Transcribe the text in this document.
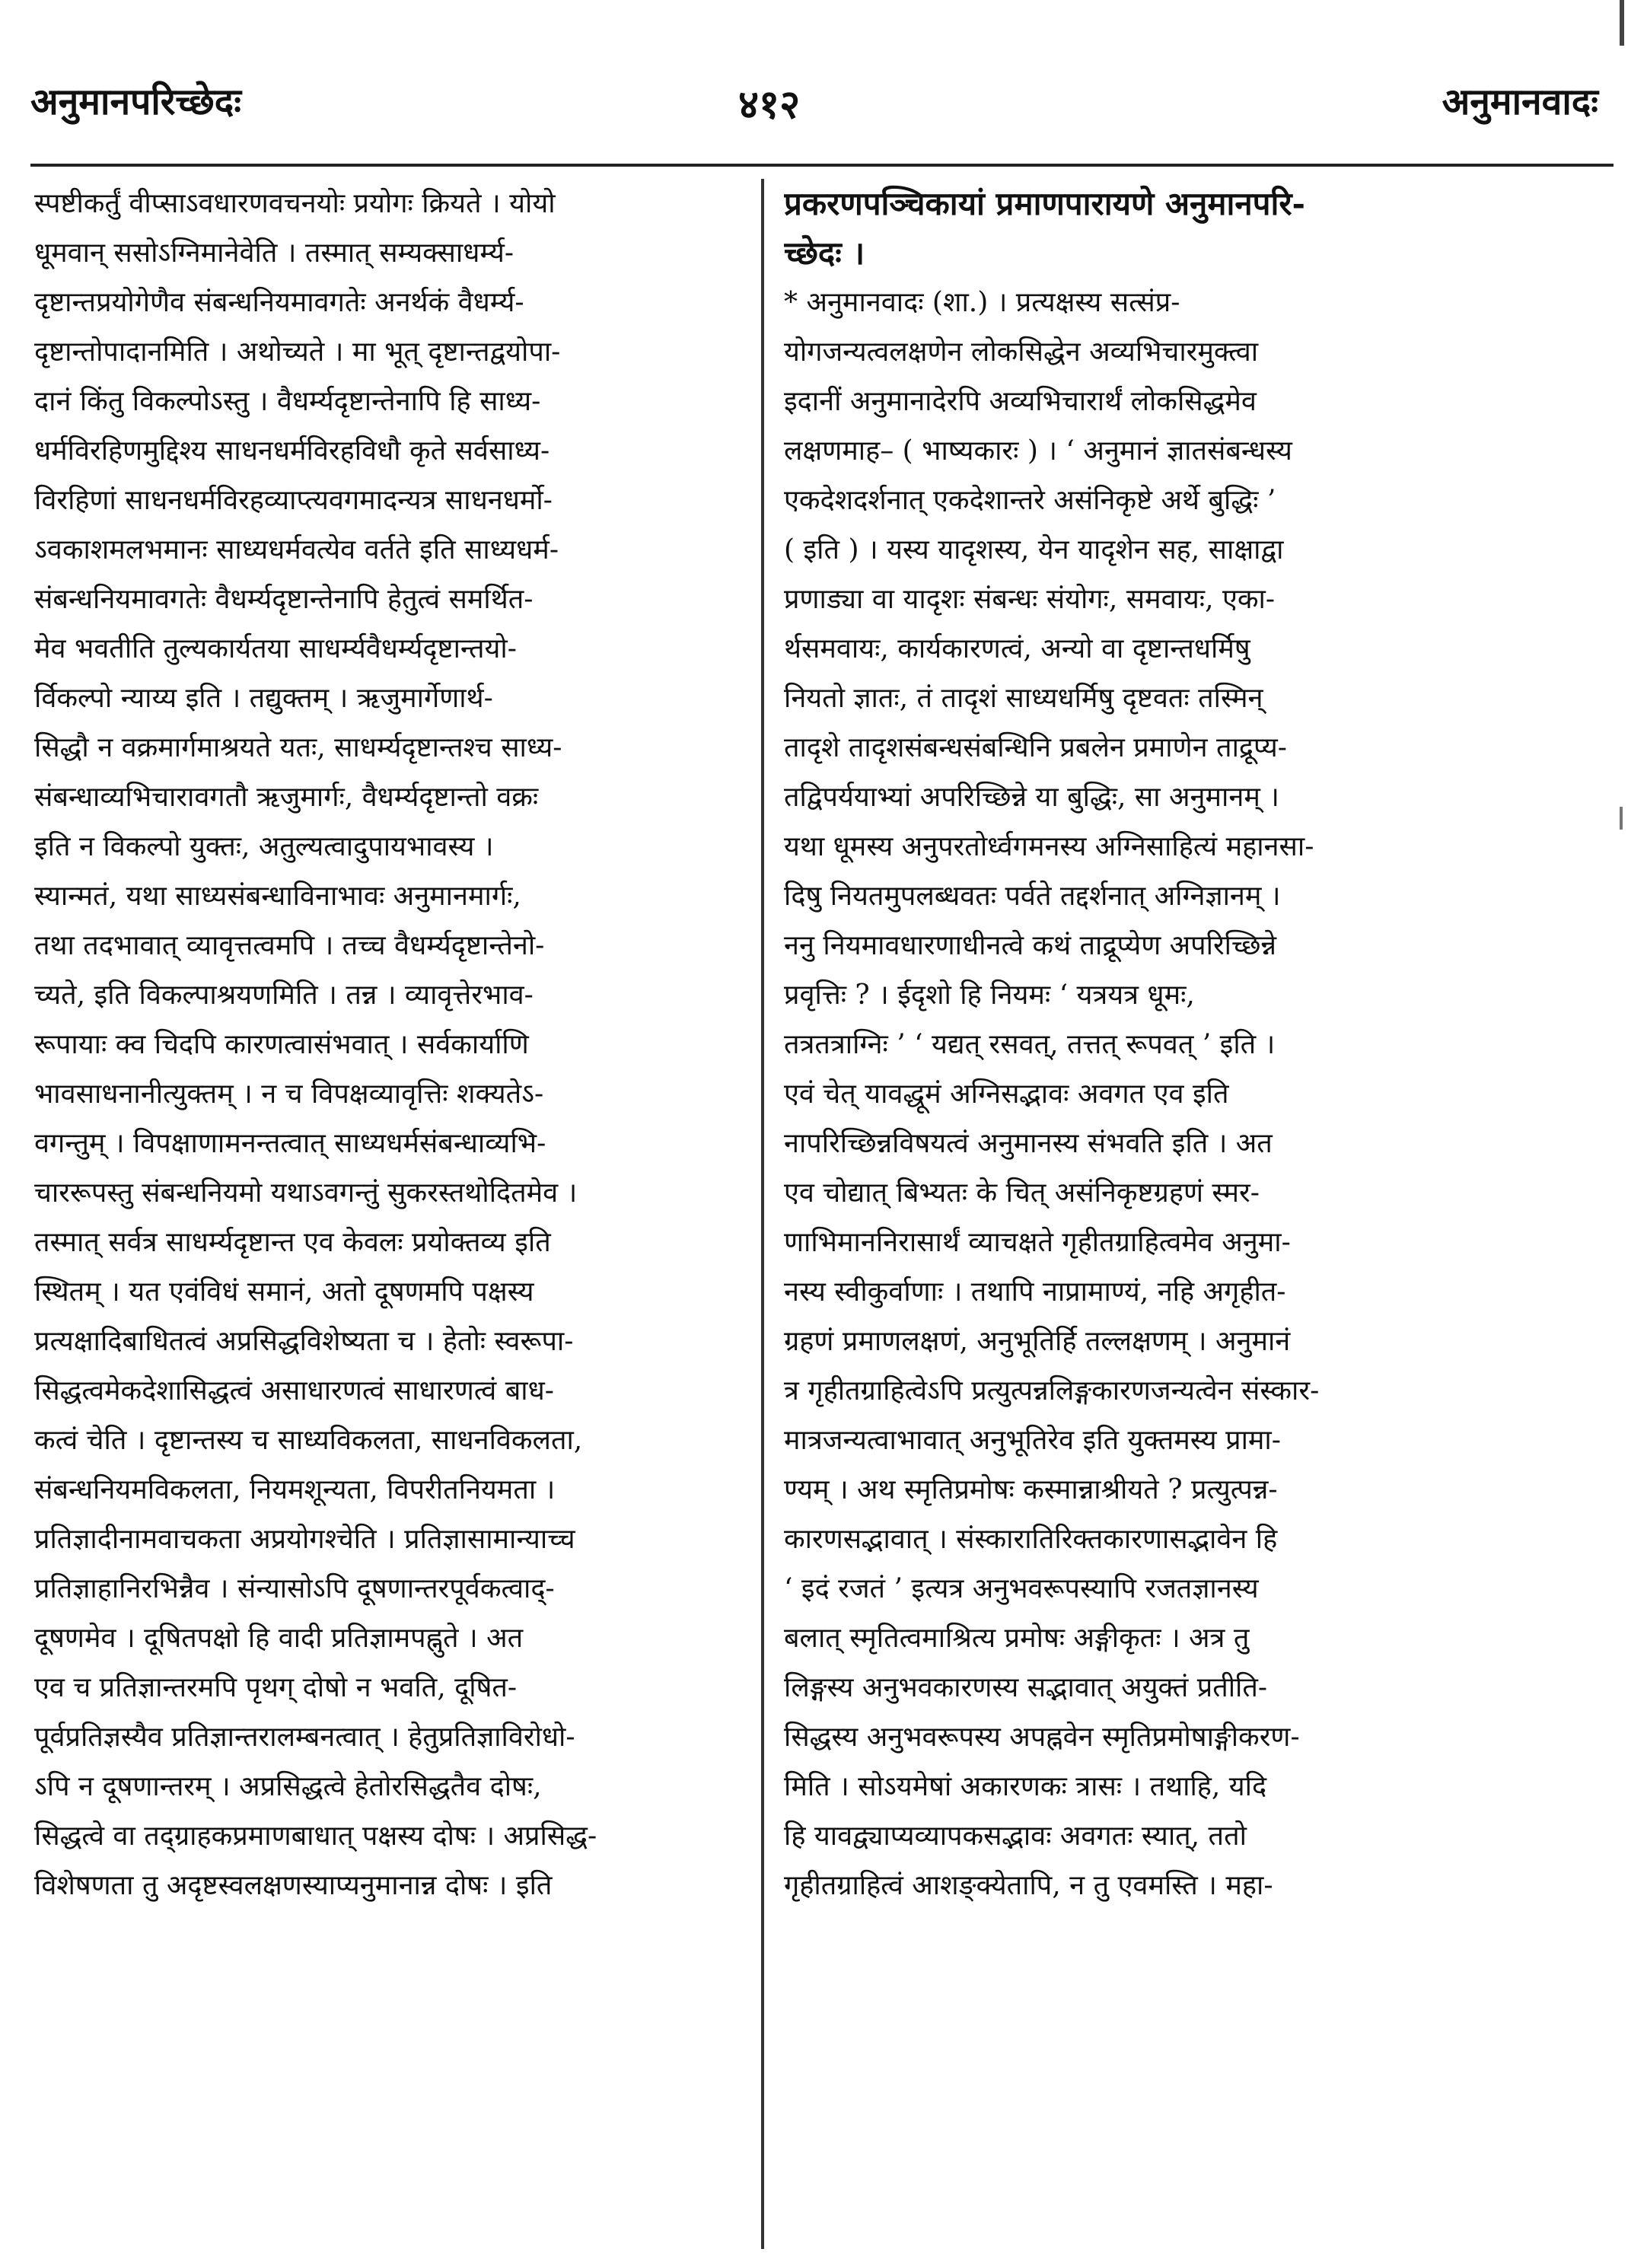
अनुमानपरिच्छेदः	४१२	अनुमानवादः
स्पष्टीकर्तुं वीप्साऽवधारणवचनयोः प्रयोगः क्रियते । योयो
धूमवान् ससोऽग्निमानेवेति । तस्मात् सम्यक्साधर्म्य-
दृष्टान्तप्रयोगेणैव संबन्धनियमावगतेः अनर्थकं वैधर्म्य-
दृष्टान्तोपादानमिति । अथोच्यते । मा भूत् दृष्टान्तद्वयोपा-
दानं किंतु विकल्पोऽस्तु । वैधर्म्यदृष्टान्तेनापि हि साध्य-
धर्मविरहिणमुद्दिश्य साधनधर्मविरहविधौ कृते सर्वसाध्य-
विरहिणां साधनधर्मविरहव्याप्त्यवगमादन्यत्र साधनधर्मो-
ऽवकाशमलभमानः साध्यधर्मवत्येव वर्तते इति साध्यधर्म-
संबन्धनियमावगतेः वैधर्म्यदृष्टान्तेनापि हेतुत्वं समर्थित-
मेव भवतीति तुल्यकार्यतया साधर्म्यवैधर्म्यदृष्टान्तयो-
र्विकल्पो न्याय्य इति । तद्युक्तम् । ऋजुमार्गेणार्थ-
सिद्धौ न वक्रमार्गमाश्रयते यतः, साधर्म्यदृष्टान्तश्च साध्य-
संबन्धाव्यभिचारावगतौ ऋजुमार्गः, वैधर्म्यदृष्टान्तो वक्रः
इति न विकल्पो युक्तः, अतुल्यत्वादुपायभावस्य ।
स्यान्मतं, यथा साध्यसंबन्धाविनाभावः अनुमानमार्गः,
तथा तदभावात् व्यावृत्तत्वमपि । तच्च वैधर्म्यदृष्टान्तेनो-
च्यते, इति विकल्पाश्रयणमिति । तन्न । व्यावृत्तेरभाव-
रूपायाः क्व चिदपि कारणत्वासंभवात् । सर्वकार्याणि
भावसाधनानीत्युक्तम् । न च विपक्षव्यावृत्तिः शक्यतेऽ-
वगन्तुम् । विपक्षाणामनन्तत्वात् साध्यधर्मसंबन्धाव्यभि-
चाररूपस्तु संबन्धनियमो यथाऽवगन्तुं सुकरस्तथोदितमेव ।
तस्मात् सर्वत्र साधर्म्यदृष्टान्त एव केवलः प्रयोक्तव्य इति
स्थितम् । यत एवंविधं समानं, अतो दूषणमपि पक्षस्य
प्रत्यक्षादिबाधितत्वं अप्रसिद्धविशेष्यता च । हेतोः स्वरूपा-
सिद्धत्वमेकदेशासिद्धत्वं असाधारणत्वं साधारणत्वं बाध-
कत्वं चेति । दृष्टान्तस्य च साध्यविकलता, साधनविकलता,
संबन्धनियमविकलता, नियमशून्यता, विपरीतनियमता ।
प्रतिज्ञादीनामवाचकता अप्रयोगश्चेति । प्रतिज्ञासामान्याच्च
प्रतिज्ञाहानिरभिन्नैव । संन्यासोऽपि दूषणान्तरपूर्वकत्वाद्-
दूषणमेव । दूषितपक्षो हि वादी प्रतिज्ञामपह्नुते । अत
एव च प्रतिज्ञान्तरमपि पृथग् दोषो न भवति, दूषित-
पूर्वप्रतिज्ञस्यैव प्रतिज्ञान्तरालम्बनत्वात् । हेतुप्रतिज्ञाविरोधो-
ऽपि न दूषणान्तरम् । अप्रसिद्धत्वे हेतोरसिद्धतैव दोषः,
सिद्धत्वे वा तद्ग्राहकप्रमाणबाधात् पक्षस्य दोषः । अप्रसिद्ध-
विशेषणता तु अदृष्टस्वलक्षणस्याप्यनुमानान्न दोषः । इति
प्रकरणपञ्चिकायां प्रमाणपारायणे अनुमानपरि-
च्छेदः ।
* अनुमानवादः (शा.) । प्रत्यक्षस्य सत्संप्र-
योगजन्यत्वलक्षणेन लोकसिद्धेन अव्यभिचारमुक्त्वा
इदानीं अनुमानादेरपि अव्यभिचारार्थं लोकसिद्धमेव
लक्षणमाह– ( भाष्यकारः ) । ‘ अनुमानं ज्ञातसंबन्धस्य
एकदेशदर्शनात् एकदेशान्तरे असंनिकृष्टे अर्थे बुद्धिः ’
( इति ) । यस्य यादृशस्य, येन यादृशेन सह, साक्षाद्वा
प्रणाड्या वा यादृशः संबन्धः संयोगः, समवायः, एका-
र्थसमवायः, कार्यकारणत्वं, अन्यो वा दृष्टान्तधर्मिषु
नियतो ज्ञातः, तं तादृशं साध्यधर्मिषु दृष्टवतः तस्मिन्
तादृशे तादृशसंबन्धसंबन्धिनि प्रबलेन प्रमाणेन ताद्रूप्य-
तद्विपर्ययाभ्यां अपरिच्छिन्ने या बुद्धिः, सा अनुमानम् ।
यथा धूमस्य अनुपरतोर्ध्वगमनस्य अग्निसाहित्यं महानसा-
दिषु नियतमुपलब्धवतः पर्वते तद्दर्शनात् अग्निज्ञानम् ।
ननु नियमावधारणाधीनत्वे कथं ताद्रूप्येण अपरिच्छिन्ने
प्रवृत्तिः ? । ईदृशो हि नियमः ‘ यत्रयत्र धूमः,
तत्रतत्राग्निः ’ ‘ यद्यत् रसवत्, तत्तत् रूपवत् ’ इति ।
एवं चेत् यावद्धूमं अग्निसद्भावः अवगत एव इति
नापरिच्छिन्नविषयत्वं अनुमानस्य संभवति इति । अत
एव चोद्यात् बिभ्यतः के चित् असंनिकृष्टग्रहणं स्मर-
णाभिमाननिरासार्थं व्याचक्षते गृहीतग्राहित्वमेव अनुमा-
नस्य स्वीकुर्वाणाः । तथापि नाप्रामाण्यं, नहि अगृहीत-
ग्रहणं प्रमाणलक्षणं, अनुभूतिर्हि तल्लक्षणम् । अनुमानं
त्र गृहीतग्राहित्वेऽपि प्रत्युत्पन्नलिङ्गकारणजन्यत्वेन संस्कार-
मात्रजन्यत्वाभावात् अनुभूतिरेव इति युक्तमस्य प्रामा-
ण्यम् । अथ स्मृतिप्रमोषः कस्मान्नाश्रीयते ? प्रत्युत्पन्न-
कारणसद्भावात् । संस्कारातिरिक्तकारणासद्भावेन हि
‘ इदं रजतं ’ इत्यत्र अनुभवरूपस्यापि रजतज्ञानस्य
बलात् स्मृतित्वमाश्रित्य प्रमोषः अङ्गीकृतः । अत्र तु
लिङ्गस्य अनुभवकारणस्य सद्भावात् अयुक्तं प्रतीति-
सिद्धस्य अनुभवरूपस्य अपह्नवेन स्मृतिप्रमोषाङ्गीकरण-
मिति । सोऽयमेषां अकारणकः त्रासः । तथाहि, यदि
हि यावद्व्याप्यव्यापकसद्भावः अवगतः स्यात्, ततो
गृहीतग्राहित्वं आशङ्क्येतापि, न तु एवमस्ति । महा-
